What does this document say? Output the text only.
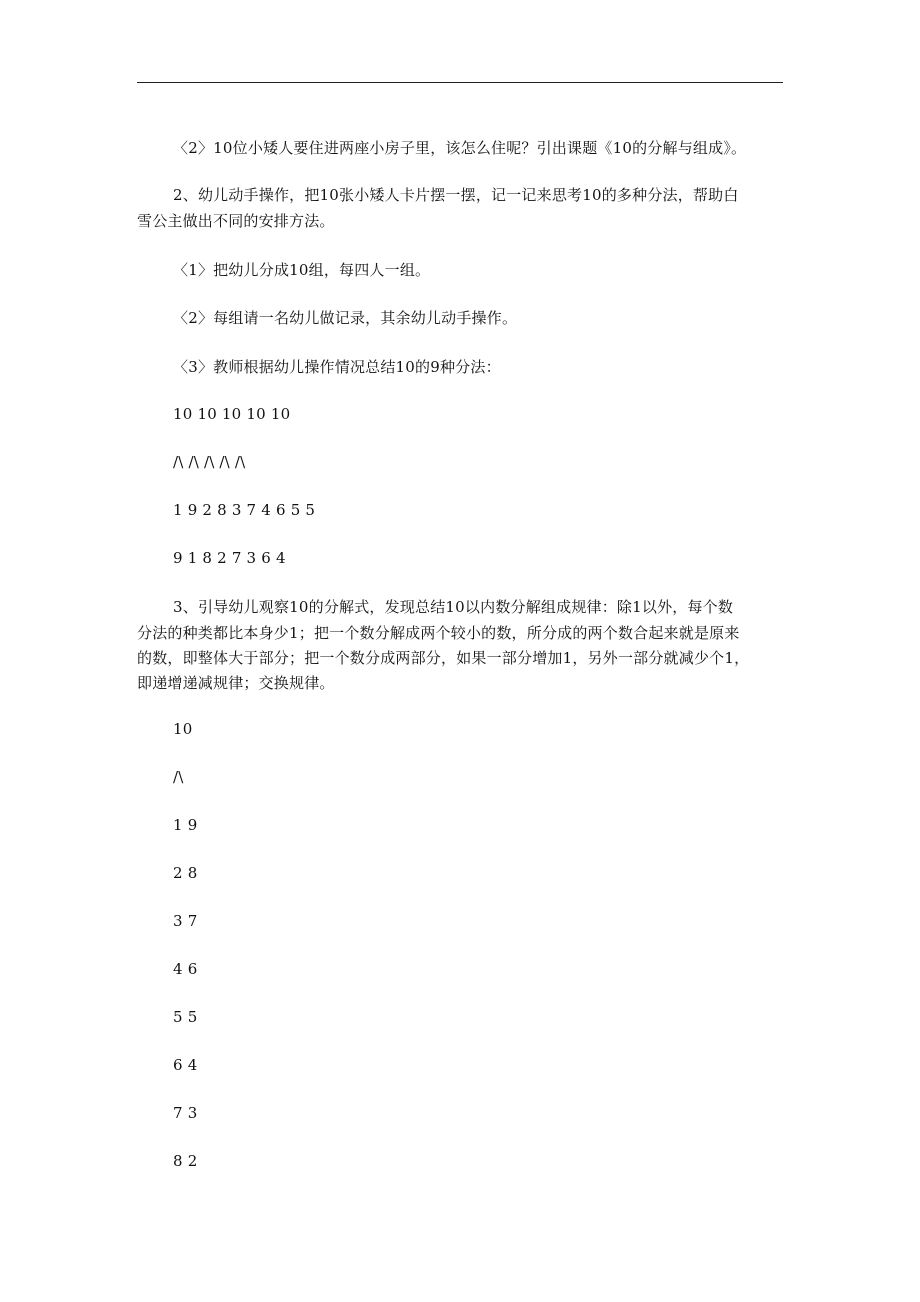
〈2〉10位小矮人要住进两座小房子里，该怎么住呢？引出课题《10的分解与组成》。
2、幼儿动手操作，把10张小矮人卡片摆一摆，记一记来思考10的多种分法，帮助白
雪公主做出不同的安排方法。
〈1〉把幼儿分成10组，每四人一组。
〈2〉每组请一名幼儿做记录，其余幼儿动手操作。
〈3〉教师根据幼儿操作情况总结10的9种分法：
10 10 10 10 10
/\ /\ /\ /\ /\
1 9 2 8 3 7 4 6 5 5
9 1 8 2 7 3 6 4
3、引导幼儿观察10的分解式，发现总结10以内数分解组成规律：除1以外，每个数
分法的种类都比本身少1；把一个数分解成两个较小的数，所分成的两个数合起来就是原来
的数，即整体大于部分；把一个数分成两部分，如果一部分增加1，另外一部分就减少个1，
即递增递减规律；交换规律。
10
/\
1 9
2 8
3 7
4 6
5 5
6 4
7 3
8 2
